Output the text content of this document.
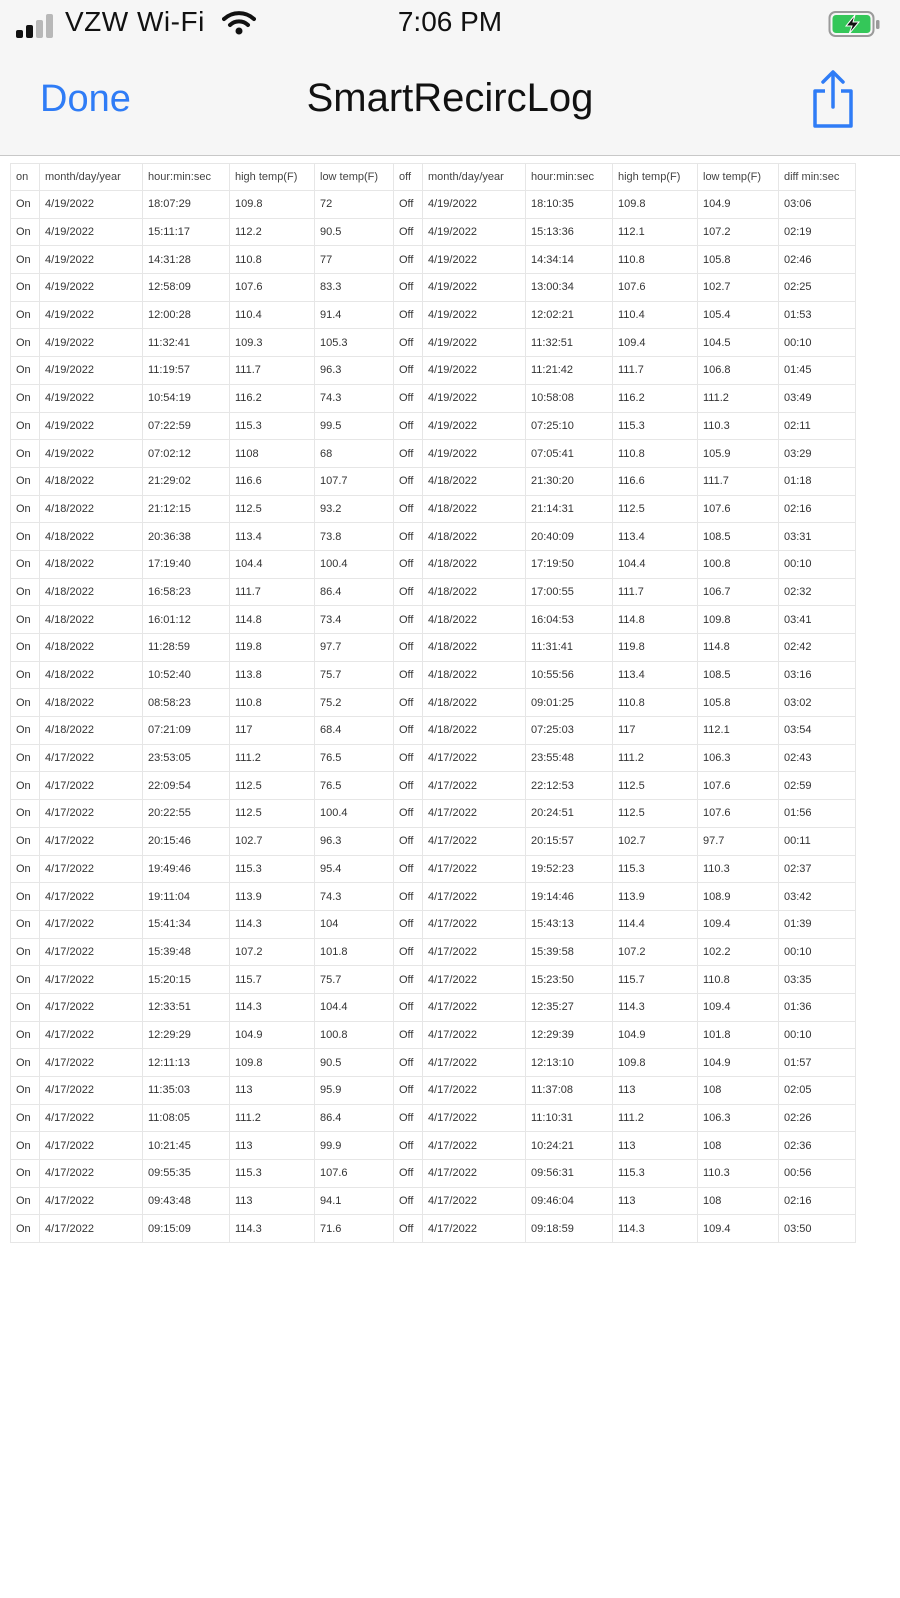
VZW Wi-Fi	7:06 PM
Done	SmartRecircLog
on	month/day/year	hour:min:sec	high temp(F)	low temp(F)	off	month/day/year	hour:min:sec	high temp(F)	low temp(F)	diff min:sec
On	4/19/2022	18:07:29	109.8	72	Off	4/19/2022	18:10:35	109.8	104.9	03:06
On	4/19/2022	15:11:17	112.2	90.5	Off	4/19/2022	15:13:36	112.1	107.2	02:19
On	4/19/2022	14:31:28	110.8	77	Off	4/19/2022	14:34:14	110.8	105.8	02:46
On	4/19/2022	12:58:09	107.6	83.3	Off	4/19/2022	13:00:34	107.6	102.7	02:25
On	4/19/2022	12:00:28	110.4	91.4	Off	4/19/2022	12:02:21	110.4	105.4	01:53
On	4/19/2022	11:32:41	109.3	105.3	Off	4/19/2022	11:32:51	109.4	104.5	00:10
On	4/19/2022	11:19:57	111.7	96.3	Off	4/19/2022	11:21:42	111.7	106.8	01:45
On	4/19/2022	10:54:19	116.2	74.3	Off	4/19/2022	10:58:08	116.2	111.2	03:49
On	4/19/2022	07:22:59	115.3	99.5	Off	4/19/2022	07:25:10	115.3	110.3	02:11
On	4/19/2022	07:02:12	1108	68	Off	4/19/2022	07:05:41	110.8	105.9	03:29
On	4/18/2022	21:29:02	116.6	107.7	Off	4/18/2022	21:30:20	116.6	111.7	01:18
On	4/18/2022	21:12:15	112.5	93.2	Off	4/18/2022	21:14:31	112.5	107.6	02:16
On	4/18/2022	20:36:38	113.4	73.8	Off	4/18/2022	20:40:09	113.4	108.5	03:31
On	4/18/2022	17:19:40	104.4	100.4	Off	4/18/2022	17:19:50	104.4	100.8	00:10
On	4/18/2022	16:58:23	111.7	86.4	Off	4/18/2022	17:00:55	111.7	106.7	02:32
On	4/18/2022	16:01:12	114.8	73.4	Off	4/18/2022	16:04:53	114.8	109.8	03:41
On	4/18/2022	11:28:59	119.8	97.7	Off	4/18/2022	11:31:41	119.8	114.8	02:42
On	4/18/2022	10:52:40	113.8	75.7	Off	4/18/2022	10:55:56	113.4	108.5	03:16
On	4/18/2022	08:58:23	110.8	75.2	Off	4/18/2022	09:01:25	110.8	105.8	03:02
On	4/18/2022	07:21:09	117	68.4	Off	4/18/2022	07:25:03	117	112.1	03:54
On	4/17/2022	23:53:05	111.2	76.5	Off	4/17/2022	23:55:48	111.2	106.3	02:43
On	4/17/2022	22:09:54	112.5	76.5	Off	4/17/2022	22:12:53	112.5	107.6	02:59
On	4/17/2022	20:22:55	112.5	100.4	Off	4/17/2022	20:24:51	112.5	107.6	01:56
On	4/17/2022	20:15:46	102.7	96.3	Off	4/17/2022	20:15:57	102.7	97.7	00:11
On	4/17/2022	19:49:46	115.3	95.4	Off	4/17/2022	19:52:23	115.3	110.3	02:37
On	4/17/2022	19:11:04	113.9	74.3	Off	4/17/2022	19:14:46	113.9	108.9	03:42
On	4/17/2022	15:41:34	114.3	104	Off	4/17/2022	15:43:13	114.4	109.4	01:39
On	4/17/2022	15:39:48	107.2	101.8	Off	4/17/2022	15:39:58	107.2	102.2	00:10
On	4/17/2022	15:20:15	115.7	75.7	Off	4/17/2022	15:23:50	115.7	110.8	03:35
On	4/17/2022	12:33:51	114.3	104.4	Off	4/17/2022	12:35:27	114.3	109.4	01:36
On	4/17/2022	12:29:29	104.9	100.8	Off	4/17/2022	12:29:39	104.9	101.8	00:10
On	4/17/2022	12:11:13	109.8	90.5	Off	4/17/2022	12:13:10	109.8	104.9	01:57
On	4/17/2022	11:35:03	113	95.9	Off	4/17/2022	11:37:08	113	108	02:05
On	4/17/2022	11:08:05	111.2	86.4	Off	4/17/2022	11:10:31	111.2	106.3	02:26
On	4/17/2022	10:21:45	113	99.9	Off	4/17/2022	10:24:21	113	108	02:36
On	4/17/2022	09:55:35	115.3	107.6	Off	4/17/2022	09:56:31	115.3	110.3	00:56
On	4/17/2022	09:43:48	113	94.1	Off	4/17/2022	09:46:04	113	108	02:16
On	4/17/2022	09:15:09	114.3	71.6	Off	4/17/2022	09:18:59	114.3	109.4	03:50
